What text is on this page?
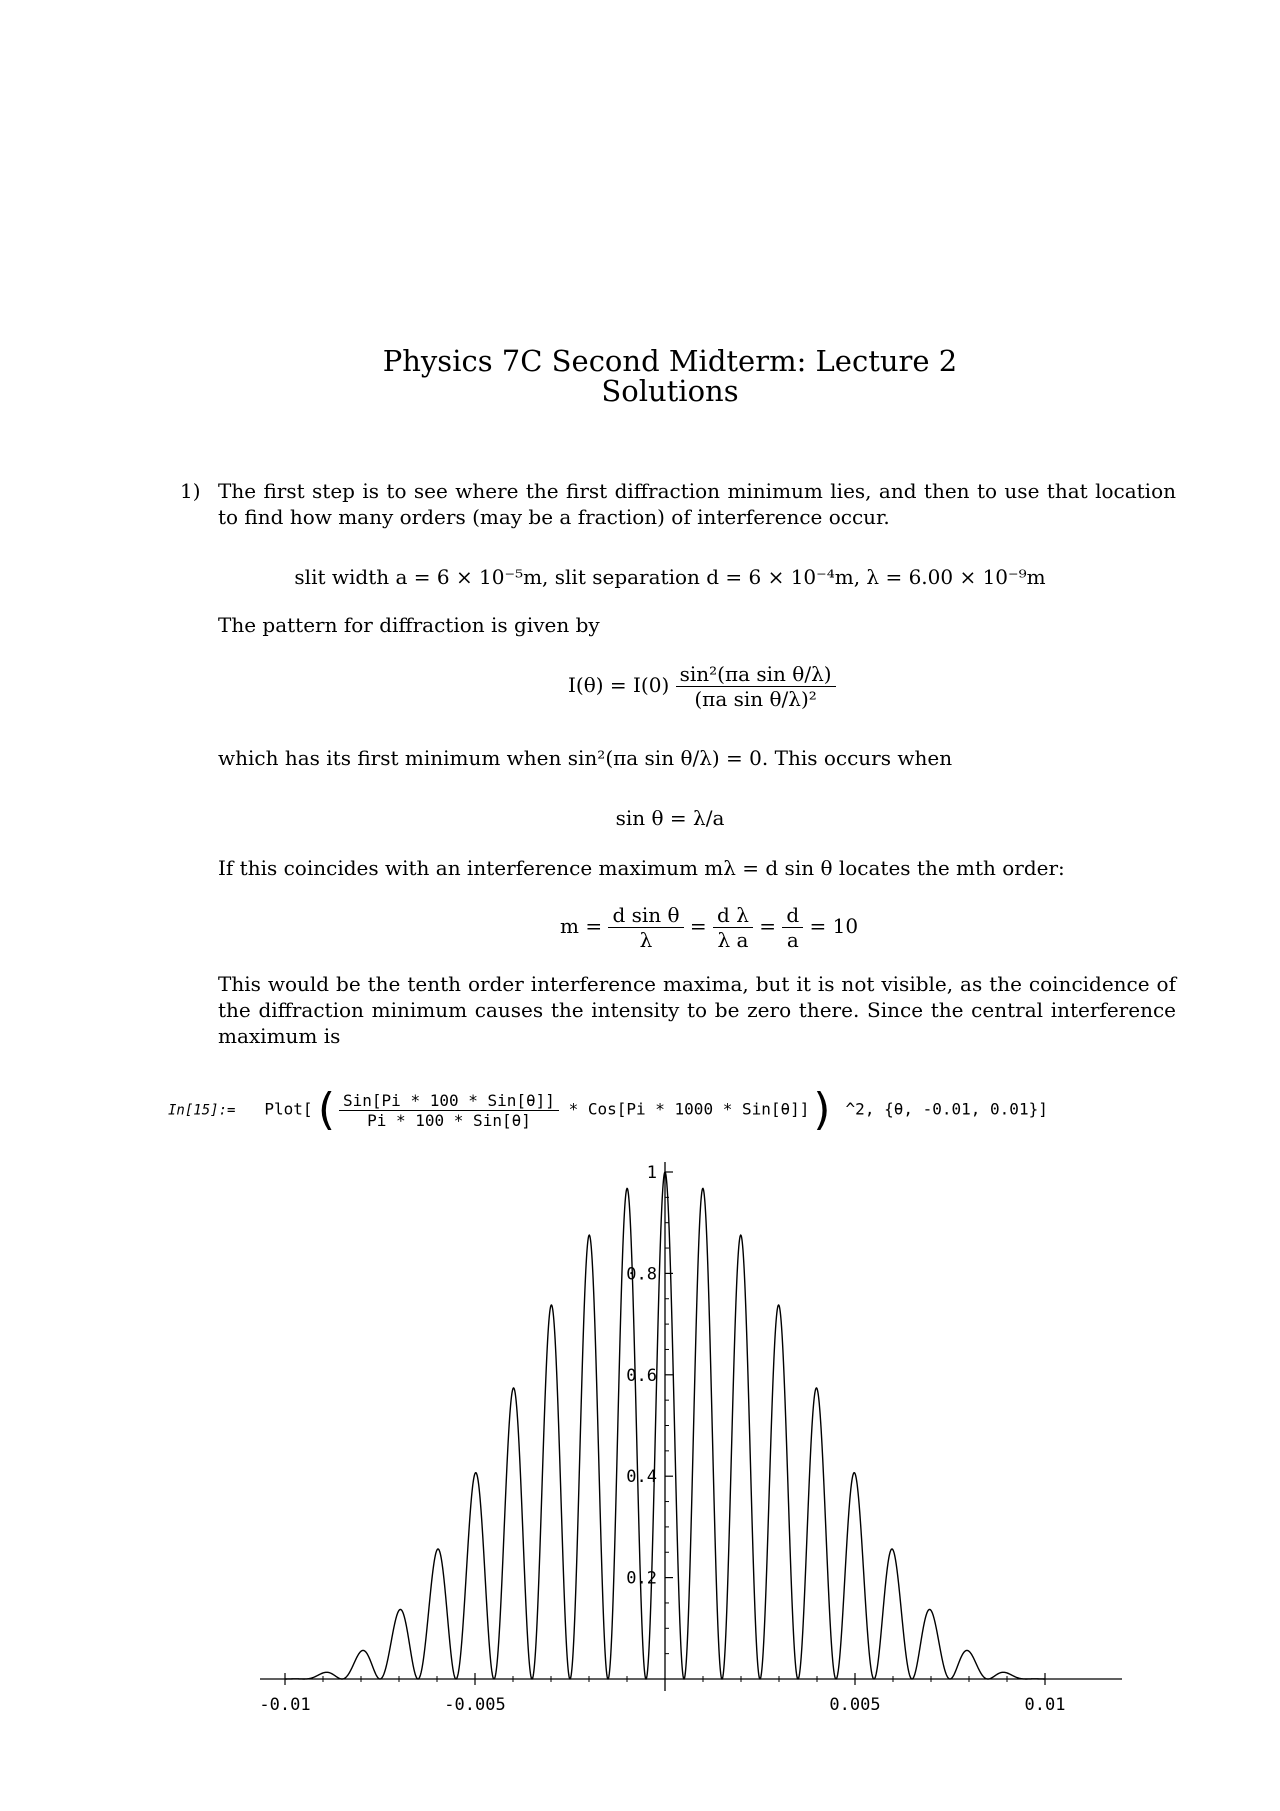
Physics 7C Second Midterm: Lecture 2
Solutions
1) The first step is to see where the first diffraction minimum lies, and then to use that location to find how many orders (may be a fraction) of interference occur.
slit width a = 6 × 10⁻⁵m, slit separation d = 6 × 10⁻⁴m, λ = 6.00 × 10⁻⁹m
The pattern for diffraction is given by
$I(\theta) = I(0) \frac{\text{sin²(πa sin θ/λ)}}{\text{(πa sin θ/λ)²}}$
which has its first minimum when sin²(πa sin θ/λ) = 0. This occurs when
sin θ = λ/a
If this coincides with an interference maximum mλ = d sin θ locates the mth order:
$m = \frac{\text{d sin θ}}{\lambda} = \frac{\text{d λ}}{\text{λ a}} = \frac{d}{a} = 10$
This would be the tenth order interference maxima, but it is not visible, as the coincidence of the diffraction minimum causes the intensity to be zero there. Since the central interference maximum is
In[15]:= Plot[( $\frac{\text{Sin[Pi * 100 * Sin[θ]]}}{\text{Pi * 100 * Sin[θ]}} * Cos[Pi * 1000 * Sin[\theta]]$) ^2, {θ, -0.01, 0.01}]
-0.01	-0.005	0.005	0.01
0.2
0.4
0.6
0.8
1
